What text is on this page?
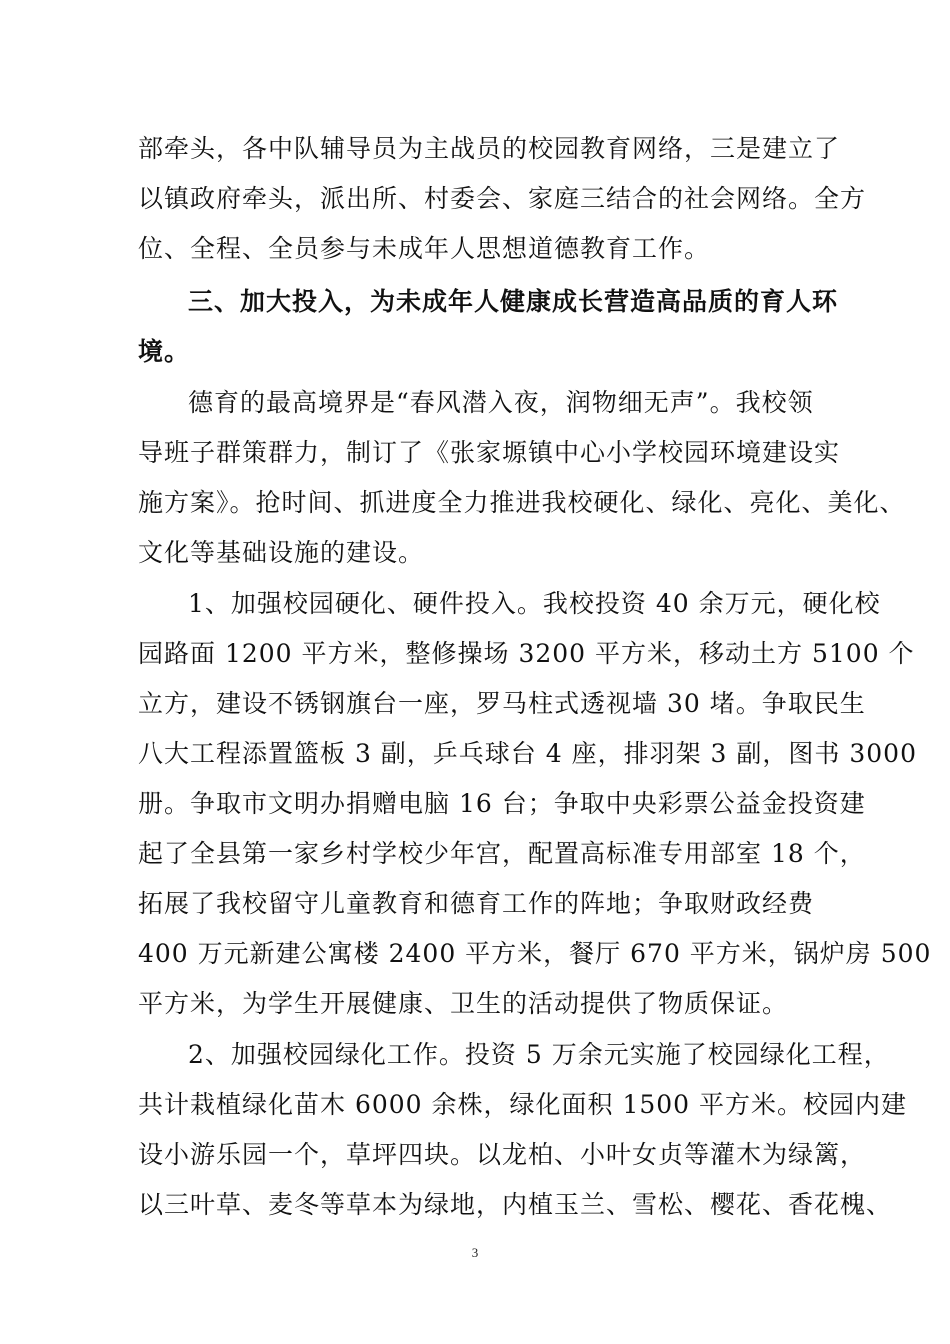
部牵头，各中队辅导员为主战员的校园教育网络，三是建立了
以镇政府牵头，派出所、村委会、家庭三结合的社会网络。全方
位、全程、全员参与未成年人思想道德教育工作。
三、加大投入，为未成年人健康成长营造高品质的育人环
境。
德育的最高境界是“春风潜入夜，润物细无声”。我校领
导班子群策群力，制订了《张家塬镇中心小学校园环境建设实
施方案》。抢时间、抓进度全力推进我校硬化、绿化、亮化、美化、
文化等基础设施的建设。
1、加强校园硬化、硬件投入。我校投资 40 余万元，硬化校
园路面 1200 平方米，整修操场 3200 平方米，移动土方 5100 个
立方，建设不锈钢旗台一座，罗马柱式透视墙 30 堵。争取民生
八大工程添置篮板 3 副，乒乓球台 4 座，排羽架 3 副，图书 3000
册。争取市文明办捐赠电脑 16 台；争取中央彩票公益金投资建
起了全县第一家乡村学校少年宫，配置高标准专用部室 18 个，
拓展了我校留守儿童教育和德育工作的阵地；争取财政经费
400 万元新建公寓楼 2400 平方米，餐厅 670 平方米，锅炉房 500
平方米，为学生开展健康、卫生的活动提供了物质保证。
2、加强校园绿化工作。投资 5 万余元实施了校园绿化工程，
共计栽植绿化苗木 6000 余株，绿化面积 1500 平方米。校园内建
设小游乐园一个，草坪四块。以龙柏、小叶女贞等灌木为绿篱，
以三叶草、麦冬等草本为绿地，内植玉兰、雪松、樱花、香花槐、
3
